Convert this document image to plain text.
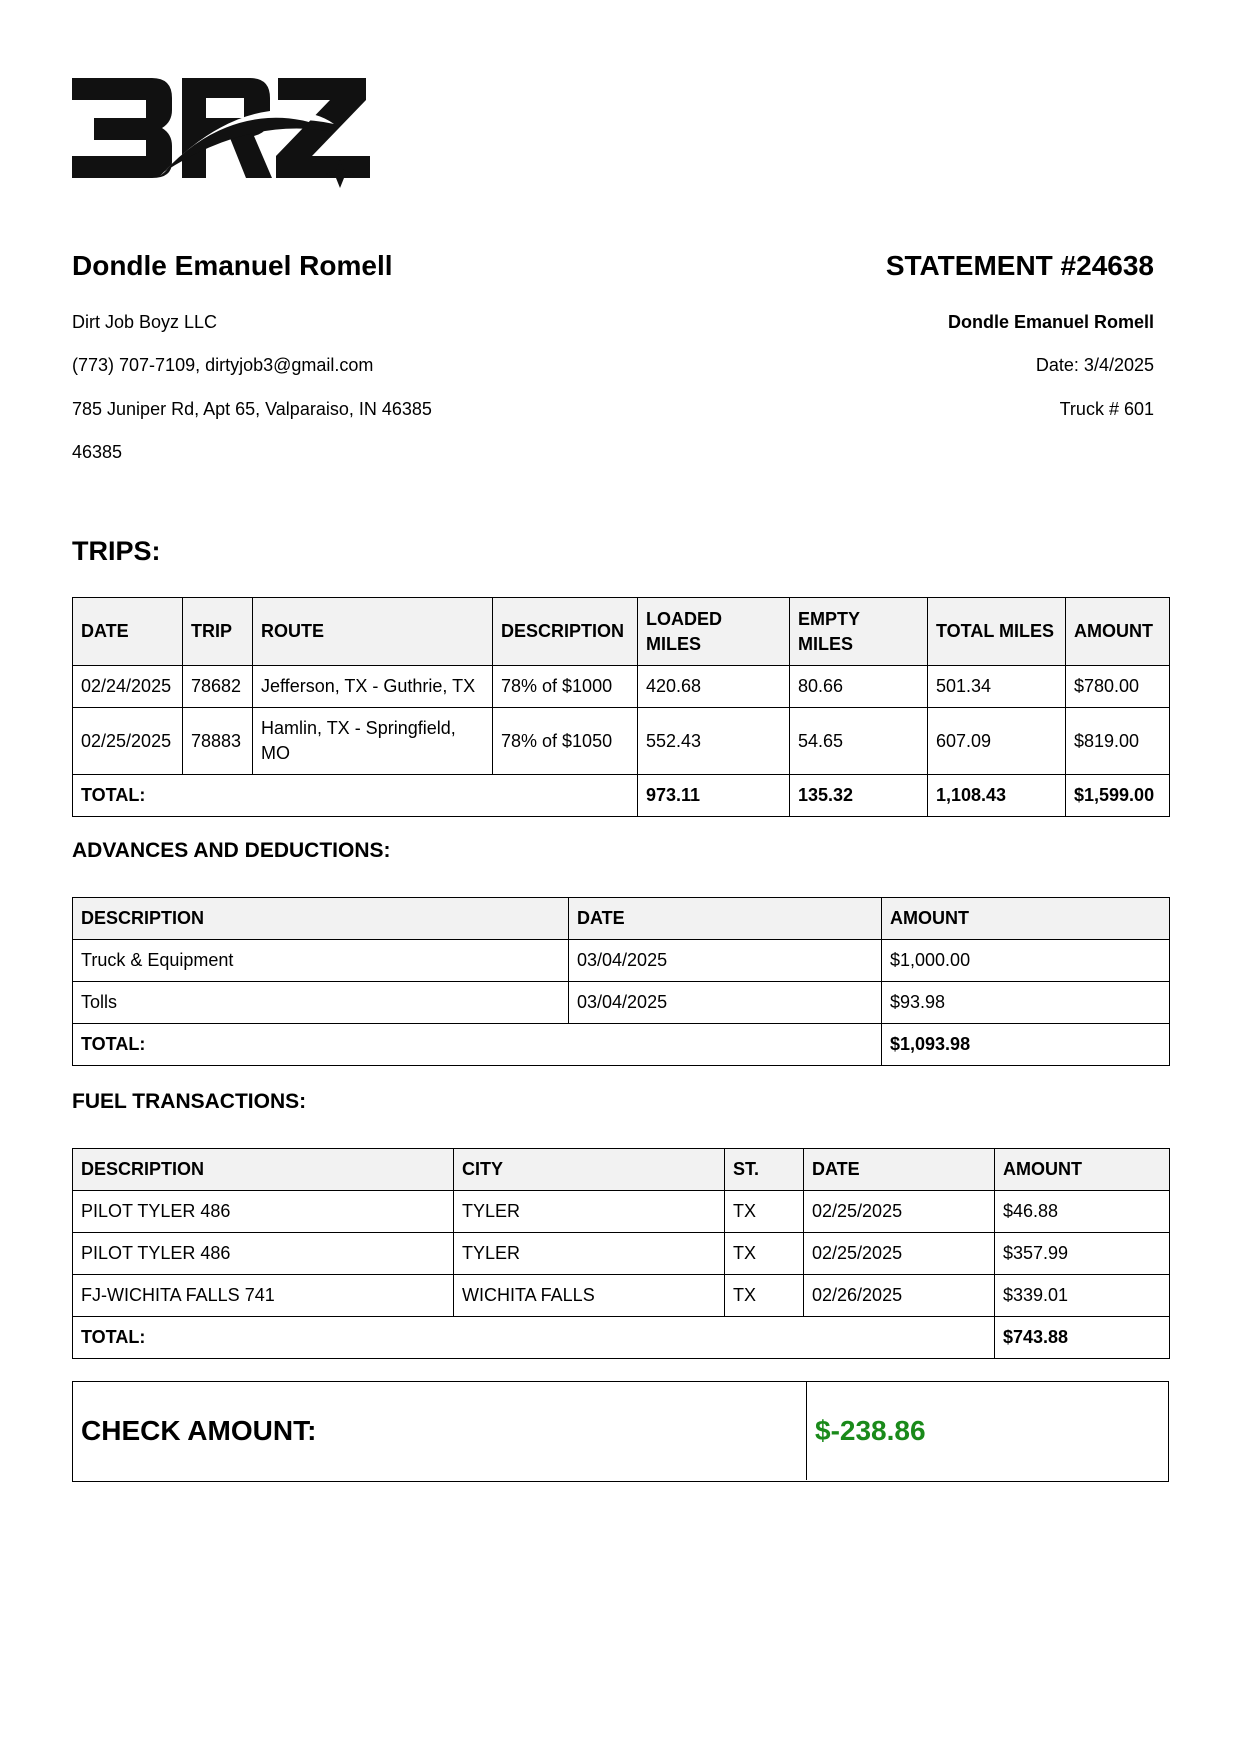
Dondle Emanuel Romell
Dirt Job Boyz LLC
(773) 707-7109, dirtyjob3@gmail.com
785 Juniper Rd, Apt 65, Valparaiso, IN 46385
46385
STATEMENT #24638
Dondle Emanuel Romell
Date: 3/4/2025
Truck # 601
TRIPS:
DATE	TRIP	ROUTE	DESCRIPTION	LOADED MILES	EMPTY MILES	TOTAL MILES	AMOUNT
02/24/2025	78682	Jefferson, TX - Guthrie, TX	78% of $1000	420.68	80.66	501.34	$780.00
02/25/2025	78883	Hamlin, TX - Springfield, MO	78% of $1050	552.43	54.65	607.09	$819.00
TOTAL:				973.11	135.32	1,108.43	$1,599.00
ADVANCES AND DEDUCTIONS:
DESCRIPTION	DATE	AMOUNT
Truck & Equipment	03/04/2025	$1,000.00
Tolls	03/04/2025	$93.98
TOTAL:		$1,093.98
FUEL TRANSACTIONS:
DESCRIPTION	CITY	ST.	DATE	AMOUNT
PILOT TYLER 486	TYLER	TX	02/25/2025	$46.88
PILOT TYLER 486	TYLER	TX	02/25/2025	$357.99
FJ-WICHITA FALLS 741	WICHITA FALLS	TX	02/26/2025	$339.01
TOTAL:				$743.88
CHECK AMOUNT:	$-238.86
